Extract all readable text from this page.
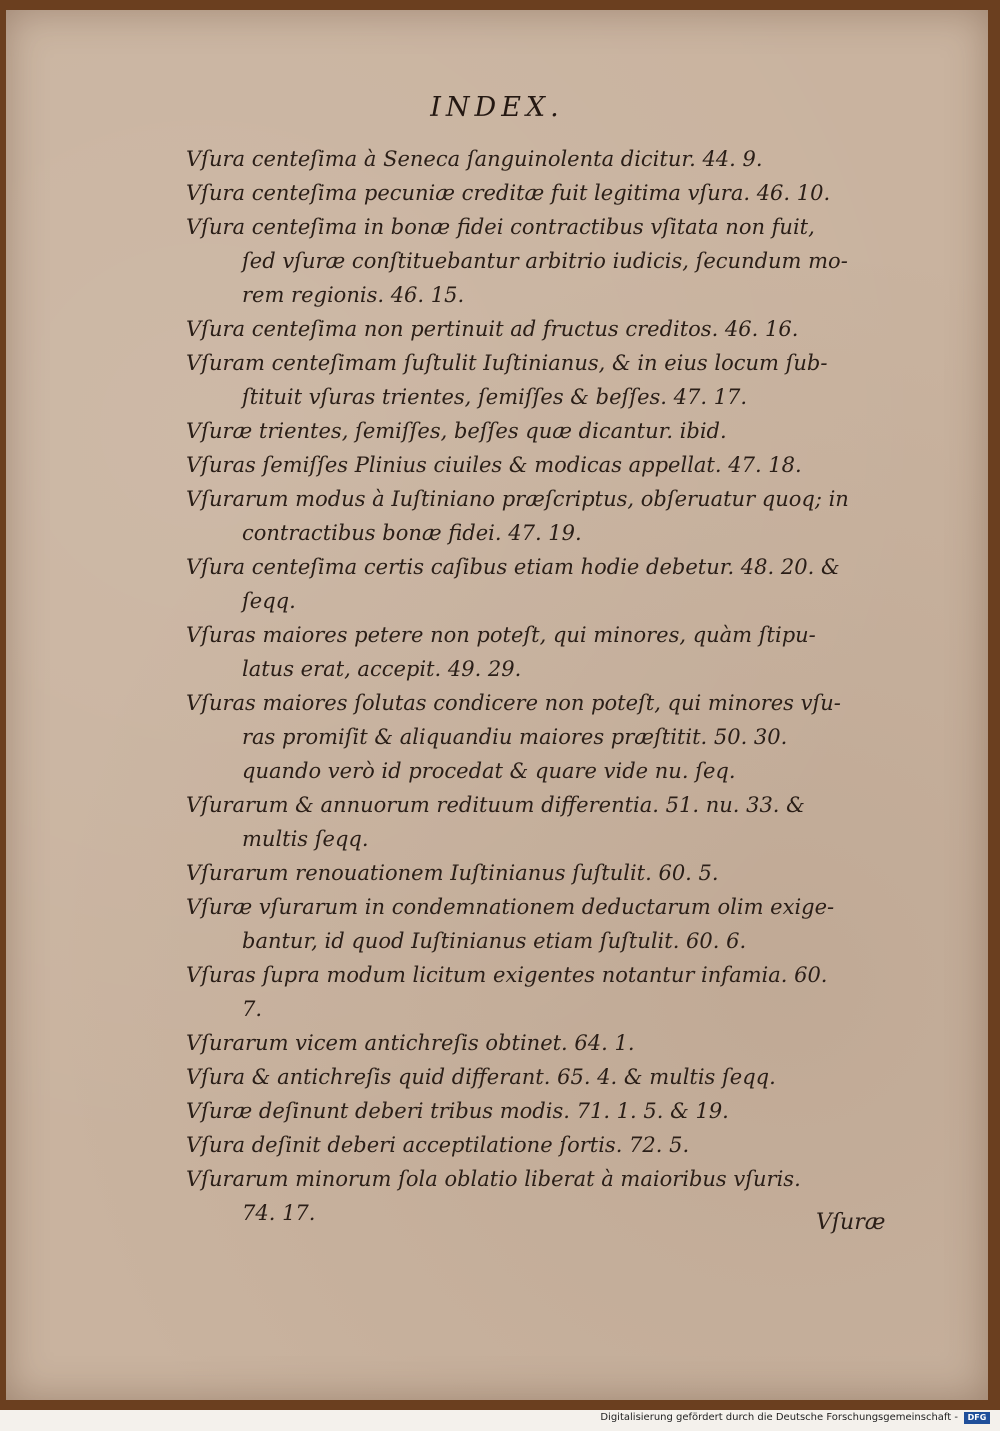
INDEX.
Vſura centeſima à Seneca ſanguinolenta dicitur. 44. 9.
Vſura centeſima pecuniæ creditæ fuit legitima vſura. 46. 10.
Vſura centeſima in bonæ fidei contractibus vſitata non fuit,
ſed vſuræ conſtituebantur arbitrio iudicis, ſecundum mo-
rem regionis. 46. 15.
Vſura centeſima non pertinuit ad fructus creditos. 46. 16.
Vſuram centeſimam ſuſtulit Iuſtinianus, & in eius locum ſub-
ſtituit vſuras trientes, ſemiſſes & beſſes. 47. 17.
Vſuræ trientes, ſemiſſes, beſſes quæ dicantur. ibid.
Vſuras ſemiſſes Plinius ciuiles & modicas appellat. 47. 18.
Vſurarum modus à Iuſtiniano præſcriptus, obſeruatur quoq; in
contractibus bonæ fidei. 47. 19.
Vſura centeſima certis caſibus etiam hodie debetur. 48. 20. &
ſeqq.
Vſuras maiores petere non poteſt, qui minores, quàm ſtipu-
latus erat, accepit. 49. 29.
Vſuras maiores ſolutas condicere non poteſt, qui minores vſu-
ras promiſit & aliquandiu maiores præſtitit. 50. 30.
quando verò id procedat & quare vide nu. ſeq.
Vſurarum & annuorum redituum differentia. 51. nu. 33. &
multis ſeqq.
Vſurarum renouationem Iuſtinianus ſuſtulit. 60. 5.
Vſuræ vſurarum in condemnationem deductarum olim exige-
bantur, id quod Iuſtinianus etiam ſuſtulit. 60. 6.
Vſuras ſupra modum licitum exigentes notantur infamia. 60.
7.
Vſurarum vicem antichreſis obtinet. 64. 1.
Vſura & antichreſis quid differant. 65. 4. & multis ſeqq.
Vſuræ deſinunt deberi tribus modis. 71. 1. 5. & 19.
Vſura deſinit deberi acceptilatione ſortis. 72. 5.
Vſurarum minorum ſola oblatio liberat à maioribus vſuris.
74. 17.	Vſuræ
Digitalisierung gefördert durch die Deutsche Forschungsgemeinschaft -	DFG
